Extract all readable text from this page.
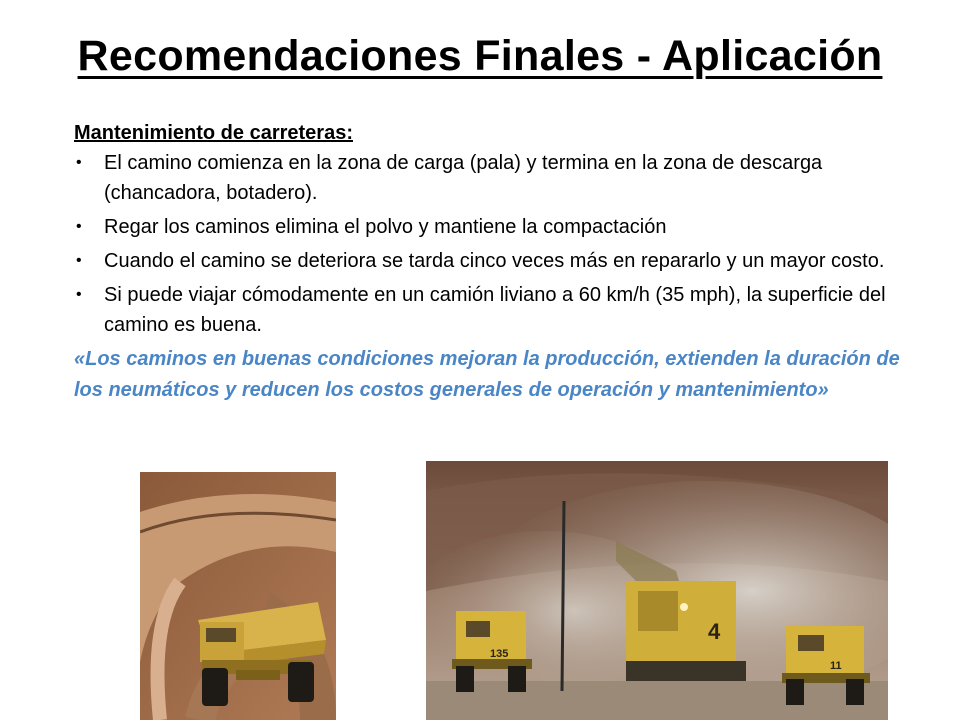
Recomendaciones Finales - Aplicación
Mantenimiento de carreteras:
• El camino comienza en la zona de carga (pala) y termina en la zona de descarga (chancadora, botadero).
• Regar los caminos elimina el polvo y mantiene la compactación
• Cuando el camino se deteriora se tarda cinco veces más en repararlo y un mayor costo.
• Si puede viajar cómodamente en un camión liviano a 60 km/h (35 mph), la superficie del camino es buena.
«Los caminos en buenas condiciones mejoran la producción, extienden la duración de los neumáticos y reducen los costos generales de operación y mantenimiento»
4
135
11
